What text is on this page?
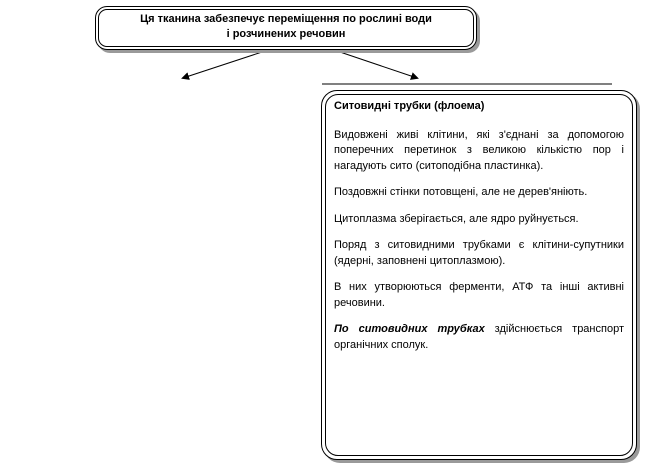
Ця тканина забезпечує переміщення по рослині води
і розчинених речовин
Ситовидні трубки (флоема)
Видовжені живі клітини, які з'єднані за допомогою поперечних перетинок з великою кількістю пор і нагадують сито (ситоподібна пластинка).
Поздовжні стінки потовщені, але не дерев'яніють.
Цитоплазма зберігається, але ядро руйнується.
Поряд з ситовидними трубками є клітини-супутники (ядерні, заповнені цитоплазмою).
В них утворюються ферменти, АТФ та інші активні речовини.
По ситовидних трубках здійснюється транспорт органічних сполук.
